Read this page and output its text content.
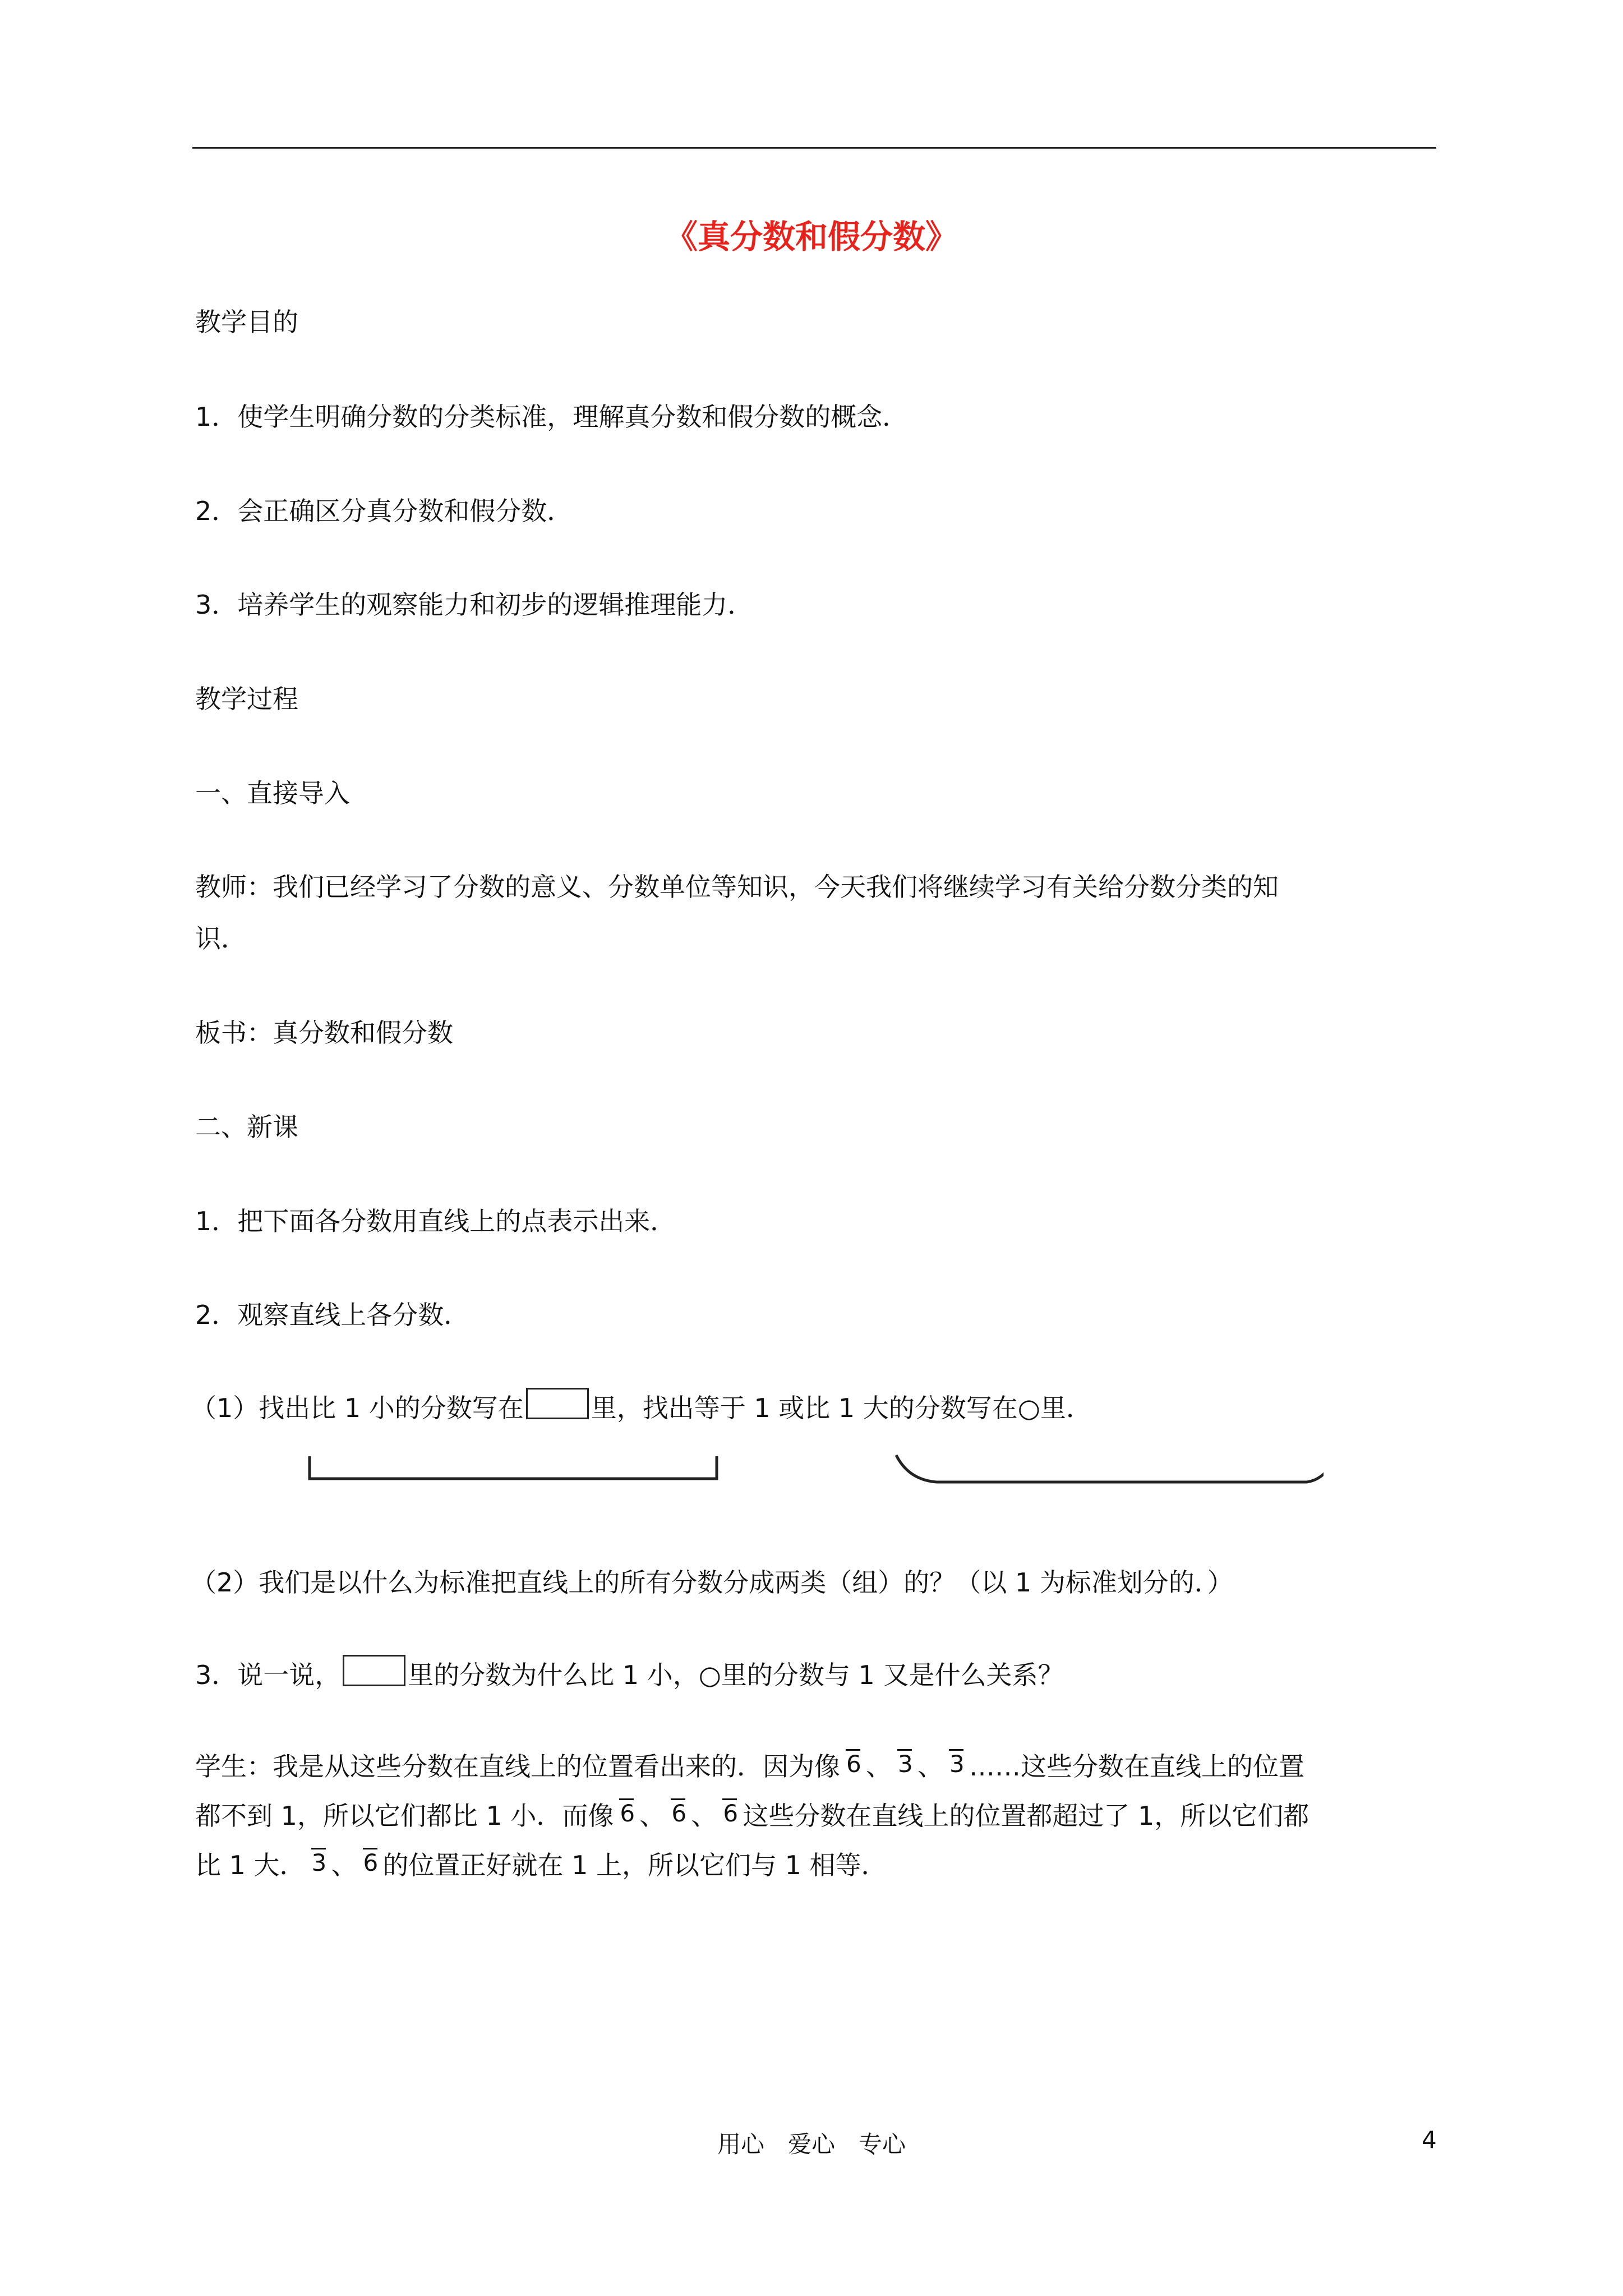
《真分数和假分数》
教学目的
1．使学生明确分数的分类标准，理解真分数和假分数的概念．
2．会正确区分真分数和假分数．
3．培养学生的观察能力和初步的逻辑推理能力．
教学过程
一、直接导入
教师：我们已经学习了分数的意义、分数单位等知识，今天我们将继续学习有关给分数分类的知
识．
板书：真分数和假分数
二、新课
1．把下面各分数用直线上的点表示出来．
2．观察直线上各分数．
（1）找出比 1 小的分数写在	里，找出等于 1 或比 1 大的分数写在○里．
（2）我们是以什么为标准把直线上的所有分数分成两类（组）的？（以 1 为标准划分的．）
3．说一说，	里的分数为什么比 1 小，○里的分数与 1 又是什么关系？
学生：我是从这些分数在直线上的位置看出来的．因为像 6 、 3 、 3 ……这些分数在直线上的位置
都不到 1，所以它们都比 1 小．而像 6 、 6 、 6 这些分数在直线上的位置都超过了 1，所以它们都
比 1 大． 3 、 6 的位置正好就在 1 上，所以它们与 1 相等．
用心　爱心　专心	4
